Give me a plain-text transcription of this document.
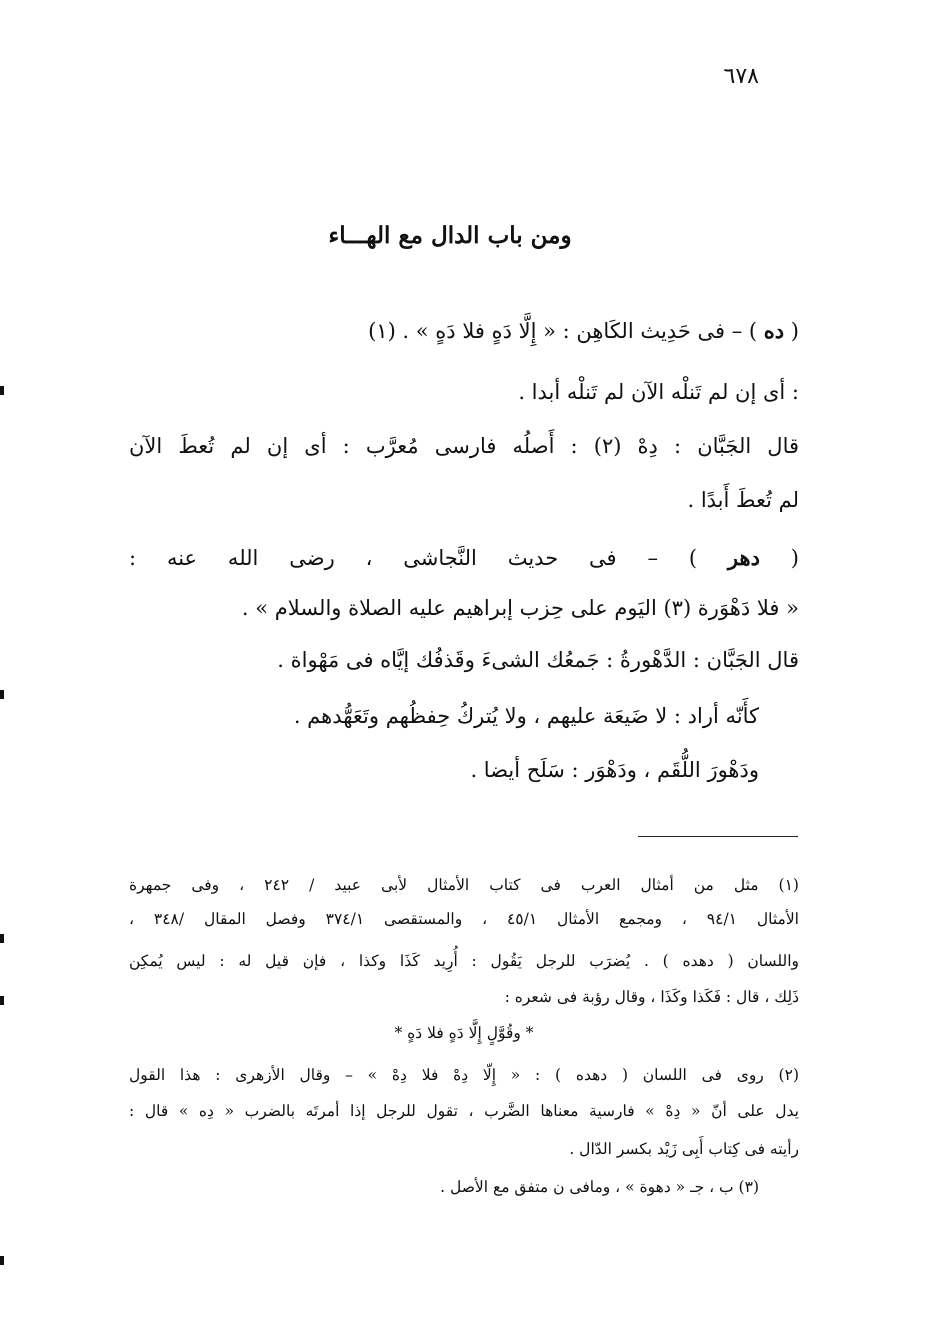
٦٧٨
ومن باب الدال مع الهـــاء
( ده ) – فى حَدِيث الكَاهِن : « إِلَّا دَهٍ فلا دَهٍ » . (١)
: أى إن لم تَنلْه الآن لم تَنلْه أبدا .
قال الجَبَّان : دِهْ (٢) : أَصلُه فارسى مُعرَّب : أى إن لم تُعطَ الآن
لم تُعطَ أَبدًا .
( دهر ) – فى حديث النَّجاشى ، رضى الله عنه :
« فلا دَهْوَرة (٣) اليَوم على حِزب إبراهيم عليه الصلاة والسلام » .
قال الجَبَّان : الدَّهْورةُ : جَمعُك الشىءَ وقَذفُك إيَّاه فى مَهْواة .
كأَنّه أراد : لا ضَيعَة عليهم ، ولا يُتركُ حِفظُهم وتَعَهُّدهم .
ودَهْورَ اللُّقَم ، ودَهْوَر : سَلَح أيضا .
(١) مثل من أمثال العرب فى كتاب الأمثال لأبى عبيد / ٢٤٢ ، وفى جمهرة
الأمثال ٩٤/١ ، ومجمع الأمثال ٤٥/١ ، والمستقصى ٣٧٤/١ وفصل المقال /٣٤٨ ،
واللسان ( دهده ) . يُضرَب للرجل يَقُول : أُرِيد كَذَا وكذا ، فإن قيل له : ليس يُمكِن
ذَلِك ، قال : فَكَذا وكَذَا ، وقال رؤبة فى شعره :
* وقُوَّلٍ إِلَّا دَهٍ فلا دَهٍ *
(٢) روى فى اللسان ( دهده ) : « إِلّا دِهْ فلا دِهْ » – وقال الأزهرى : هذا القول
يدل على أنّ « دِهْ » فارسية معناها الضَّرب ، تقول للرجل إذا أمرتَه بالضرب « دِه » قال :
رأيته فى كِتاب أَبِى زَيْد بكسر الدّال .
(٣) ب ، جـ « دهوة » ، ومافى ن متفق مع الأصل .
